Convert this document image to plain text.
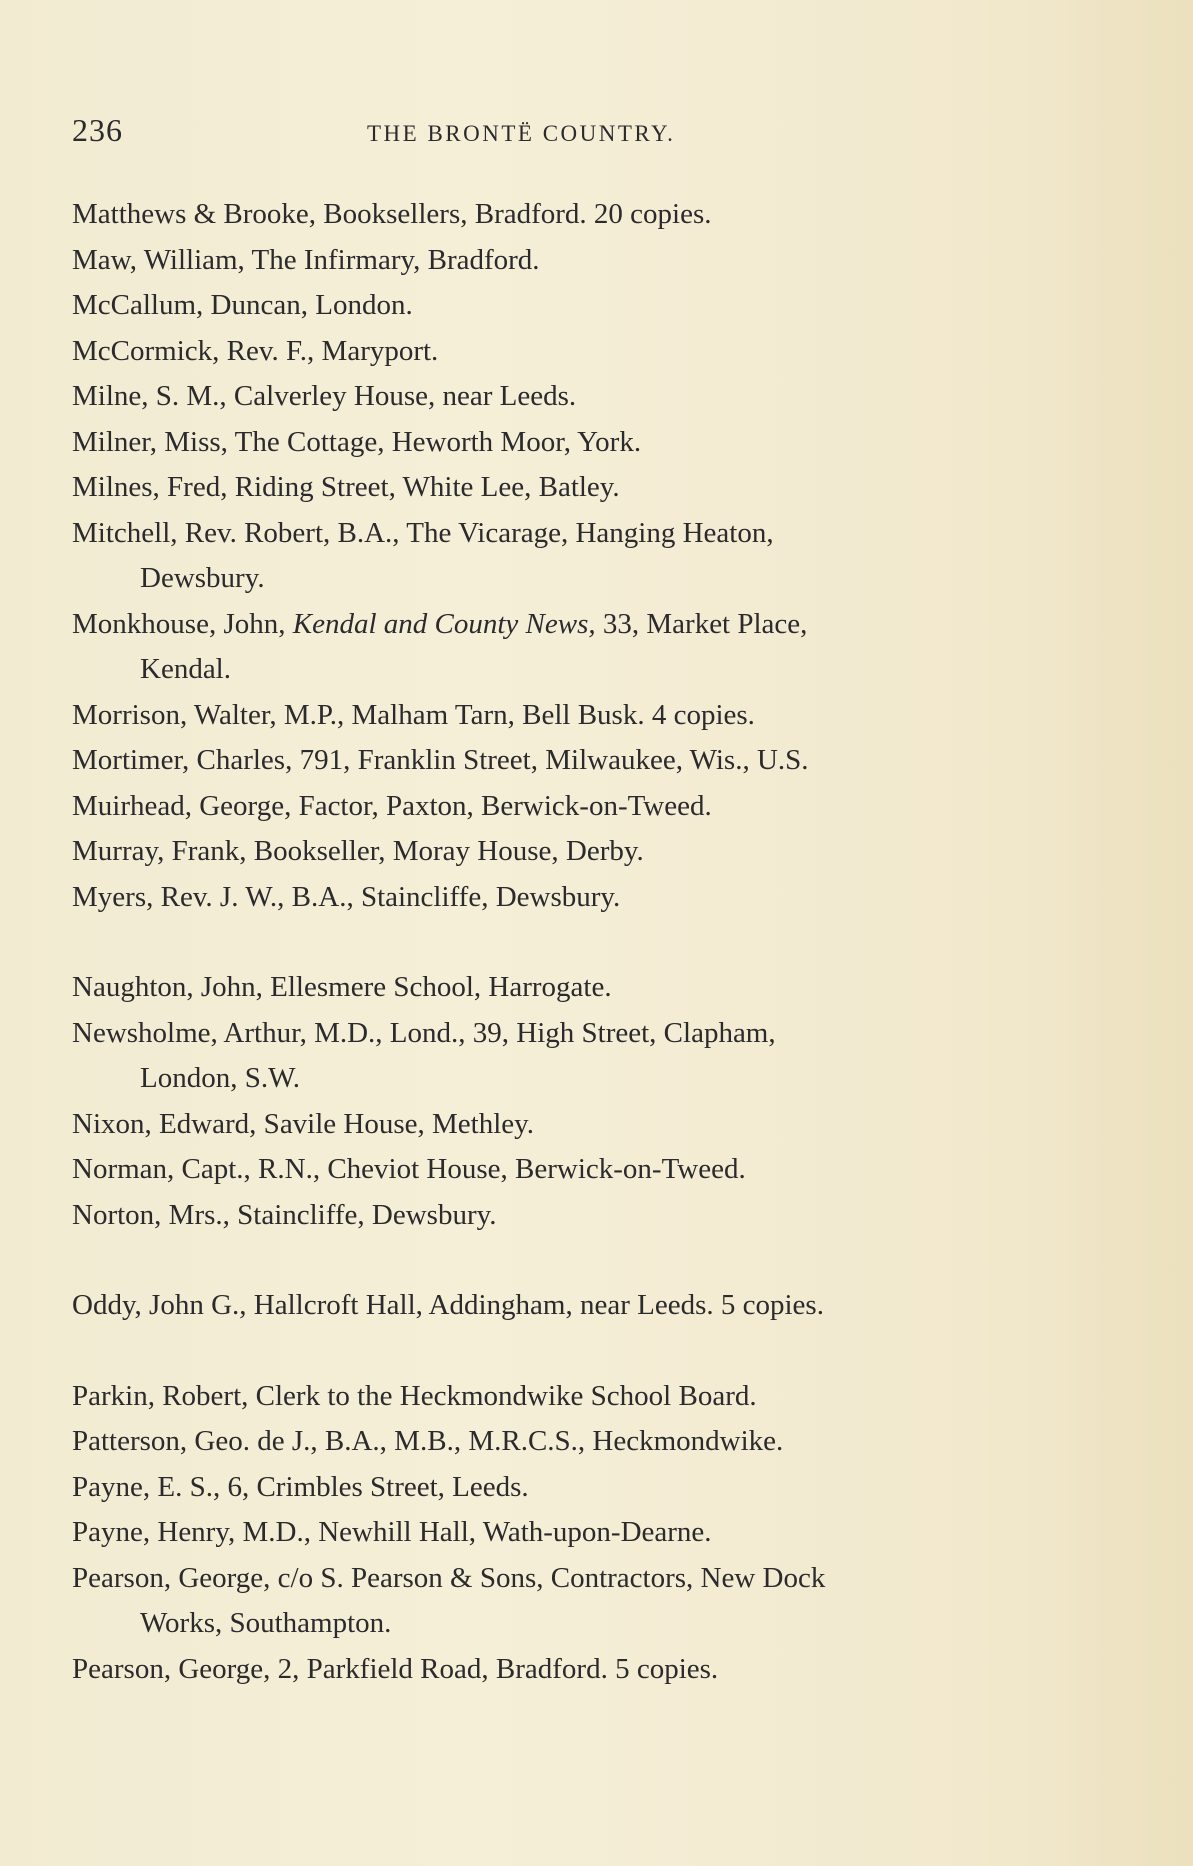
236	THE BRONTË COUNTRY.
Matthews & Brooke, Booksellers, Bradford. 20 copies.
Maw, William, The Infirmary, Bradford.
McCallum, Duncan, London.
McCormick, Rev. F., Maryport.
Milne, S. M., Calverley House, near Leeds.
Milner, Miss, The Cottage, Heworth Moor, York.
Milnes, Fred, Riding Street, White Lee, Batley.
Mitchell, Rev. Robert, B.A., The Vicarage, Hanging Heaton,
Dewsbury.
Monkhouse, John, Kendal and County News, 33, Market Place,
Kendal.
Morrison, Walter, M.P., Malham Tarn, Bell Busk. 4 copies.
Mortimer, Charles, 791, Franklin Street, Milwaukee, Wis., U.S.
Muirhead, George, Factor, Paxton, Berwick-on-Tweed.
Murray, Frank, Bookseller, Moray House, Derby.
Myers, Rev. J. W., B.A., Staincliffe, Dewsbury.
Naughton, John, Ellesmere School, Harrogate.
Newsholme, Arthur, M.D., Lond., 39, High Street, Clapham,
London, S.W.
Nixon, Edward, Savile House, Methley.
Norman, Capt., R.N., Cheviot House, Berwick-on-Tweed.
Norton, Mrs., Staincliffe, Dewsbury.
Oddy, John G., Hallcroft Hall, Addingham, near Leeds. 5 copies.
Parkin, Robert, Clerk to the Heckmondwike School Board.
Patterson, Geo. de J., B.A., M.B., M.R.C.S., Heckmondwike.
Payne, E. S., 6, Crimbles Street, Leeds.
Payne, Henry, M.D., Newhill Hall, Wath-upon-Dearne.
Pearson, George, c/o S. Pearson & Sons, Contractors, New Dock
Works, Southampton.
Pearson, George, 2, Parkfield Road, Bradford. 5 copies.
